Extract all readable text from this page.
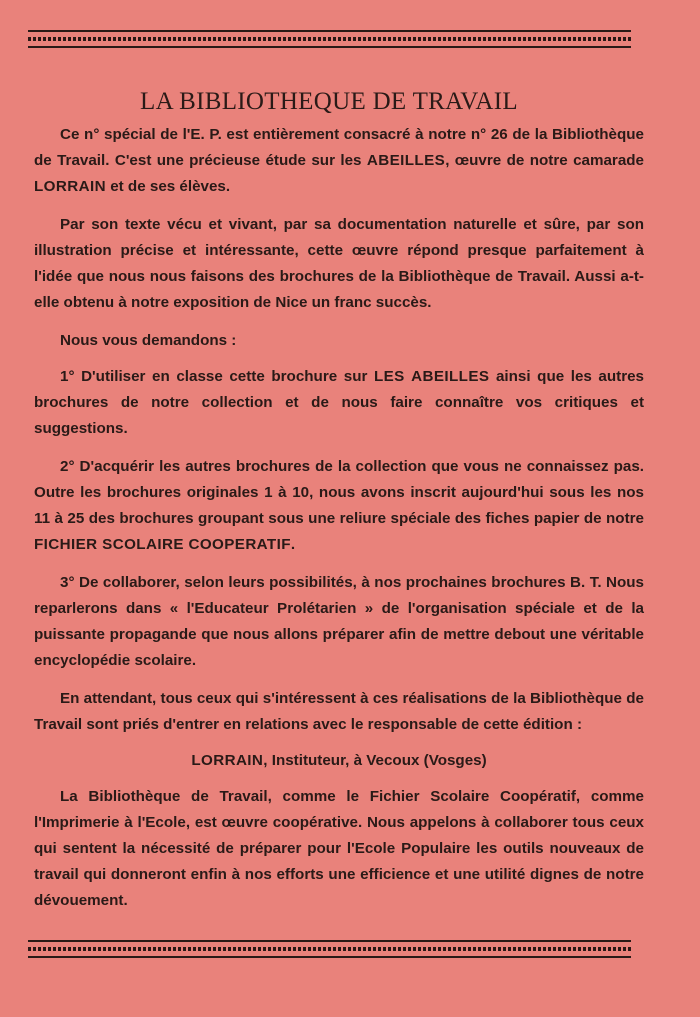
LA BIBLIOTHEQUE DE TRAVAIL

Ce n° spécial de l'E. P. est entièrement consacré à notre n° 26 de la Bibliothèque de Travail. C'est une précieuse étude sur les ABEILLES, œuvre de notre camarade LORRAIN et de ses élèves.

Par son texte vécu et vivant, par sa documentation naturelle et sûre, par son illustration précise et intéressante, cette œuvre répond presque parfaitement à l'idée que nous nous faisons des brochures de la Bibliothèque de Travail. Aussi a-t-elle obtenu à notre exposition de Nice un franc succès.

Nous vous demandons :

1° D'utiliser en classe cette brochure sur LES ABEILLES ainsi que les autres brochures de notre collection et de nous faire connaître vos critiques et suggestions.

2° D'acquérir les autres brochures de la collection que vous ne connaissez pas. Outre les brochures originales 1 à 10, nous avons inscrit aujourd'hui sous les nos 11 à 25 des brochures groupant sous une reliure spéciale des fiches papier de notre FICHIER SCOLAIRE COOPERATIF.

3° De collaborer, selon leurs possibilités, à nos prochaines brochures B. T. Nous reparlerons dans « l'Educateur Prolétarien » de l'organisation spéciale et de la puissante propagande que nous allons préparer afin de mettre debout une véritable encyclopédie scolaire.

En attendant, tous ceux qui s'intéressent à ces réalisations de la Bibliothèque de Travail sont priés d'entrer en relations avec le responsable de cette édition :

LORRAIN, Instituteur, à Vecoux (Vosges)

La Bibliothèque de Travail, comme le Fichier Scolaire Coopératif, comme l'Imprimerie à l'Ecole, est œuvre coopérative. Nous appelons à collaborer tous ceux qui sentent la nécessité de préparer pour l'Ecole Populaire les outils nouveaux de travail qui donneront enfin à nos efforts une efficience et une utilité dignes de notre dévouement.
